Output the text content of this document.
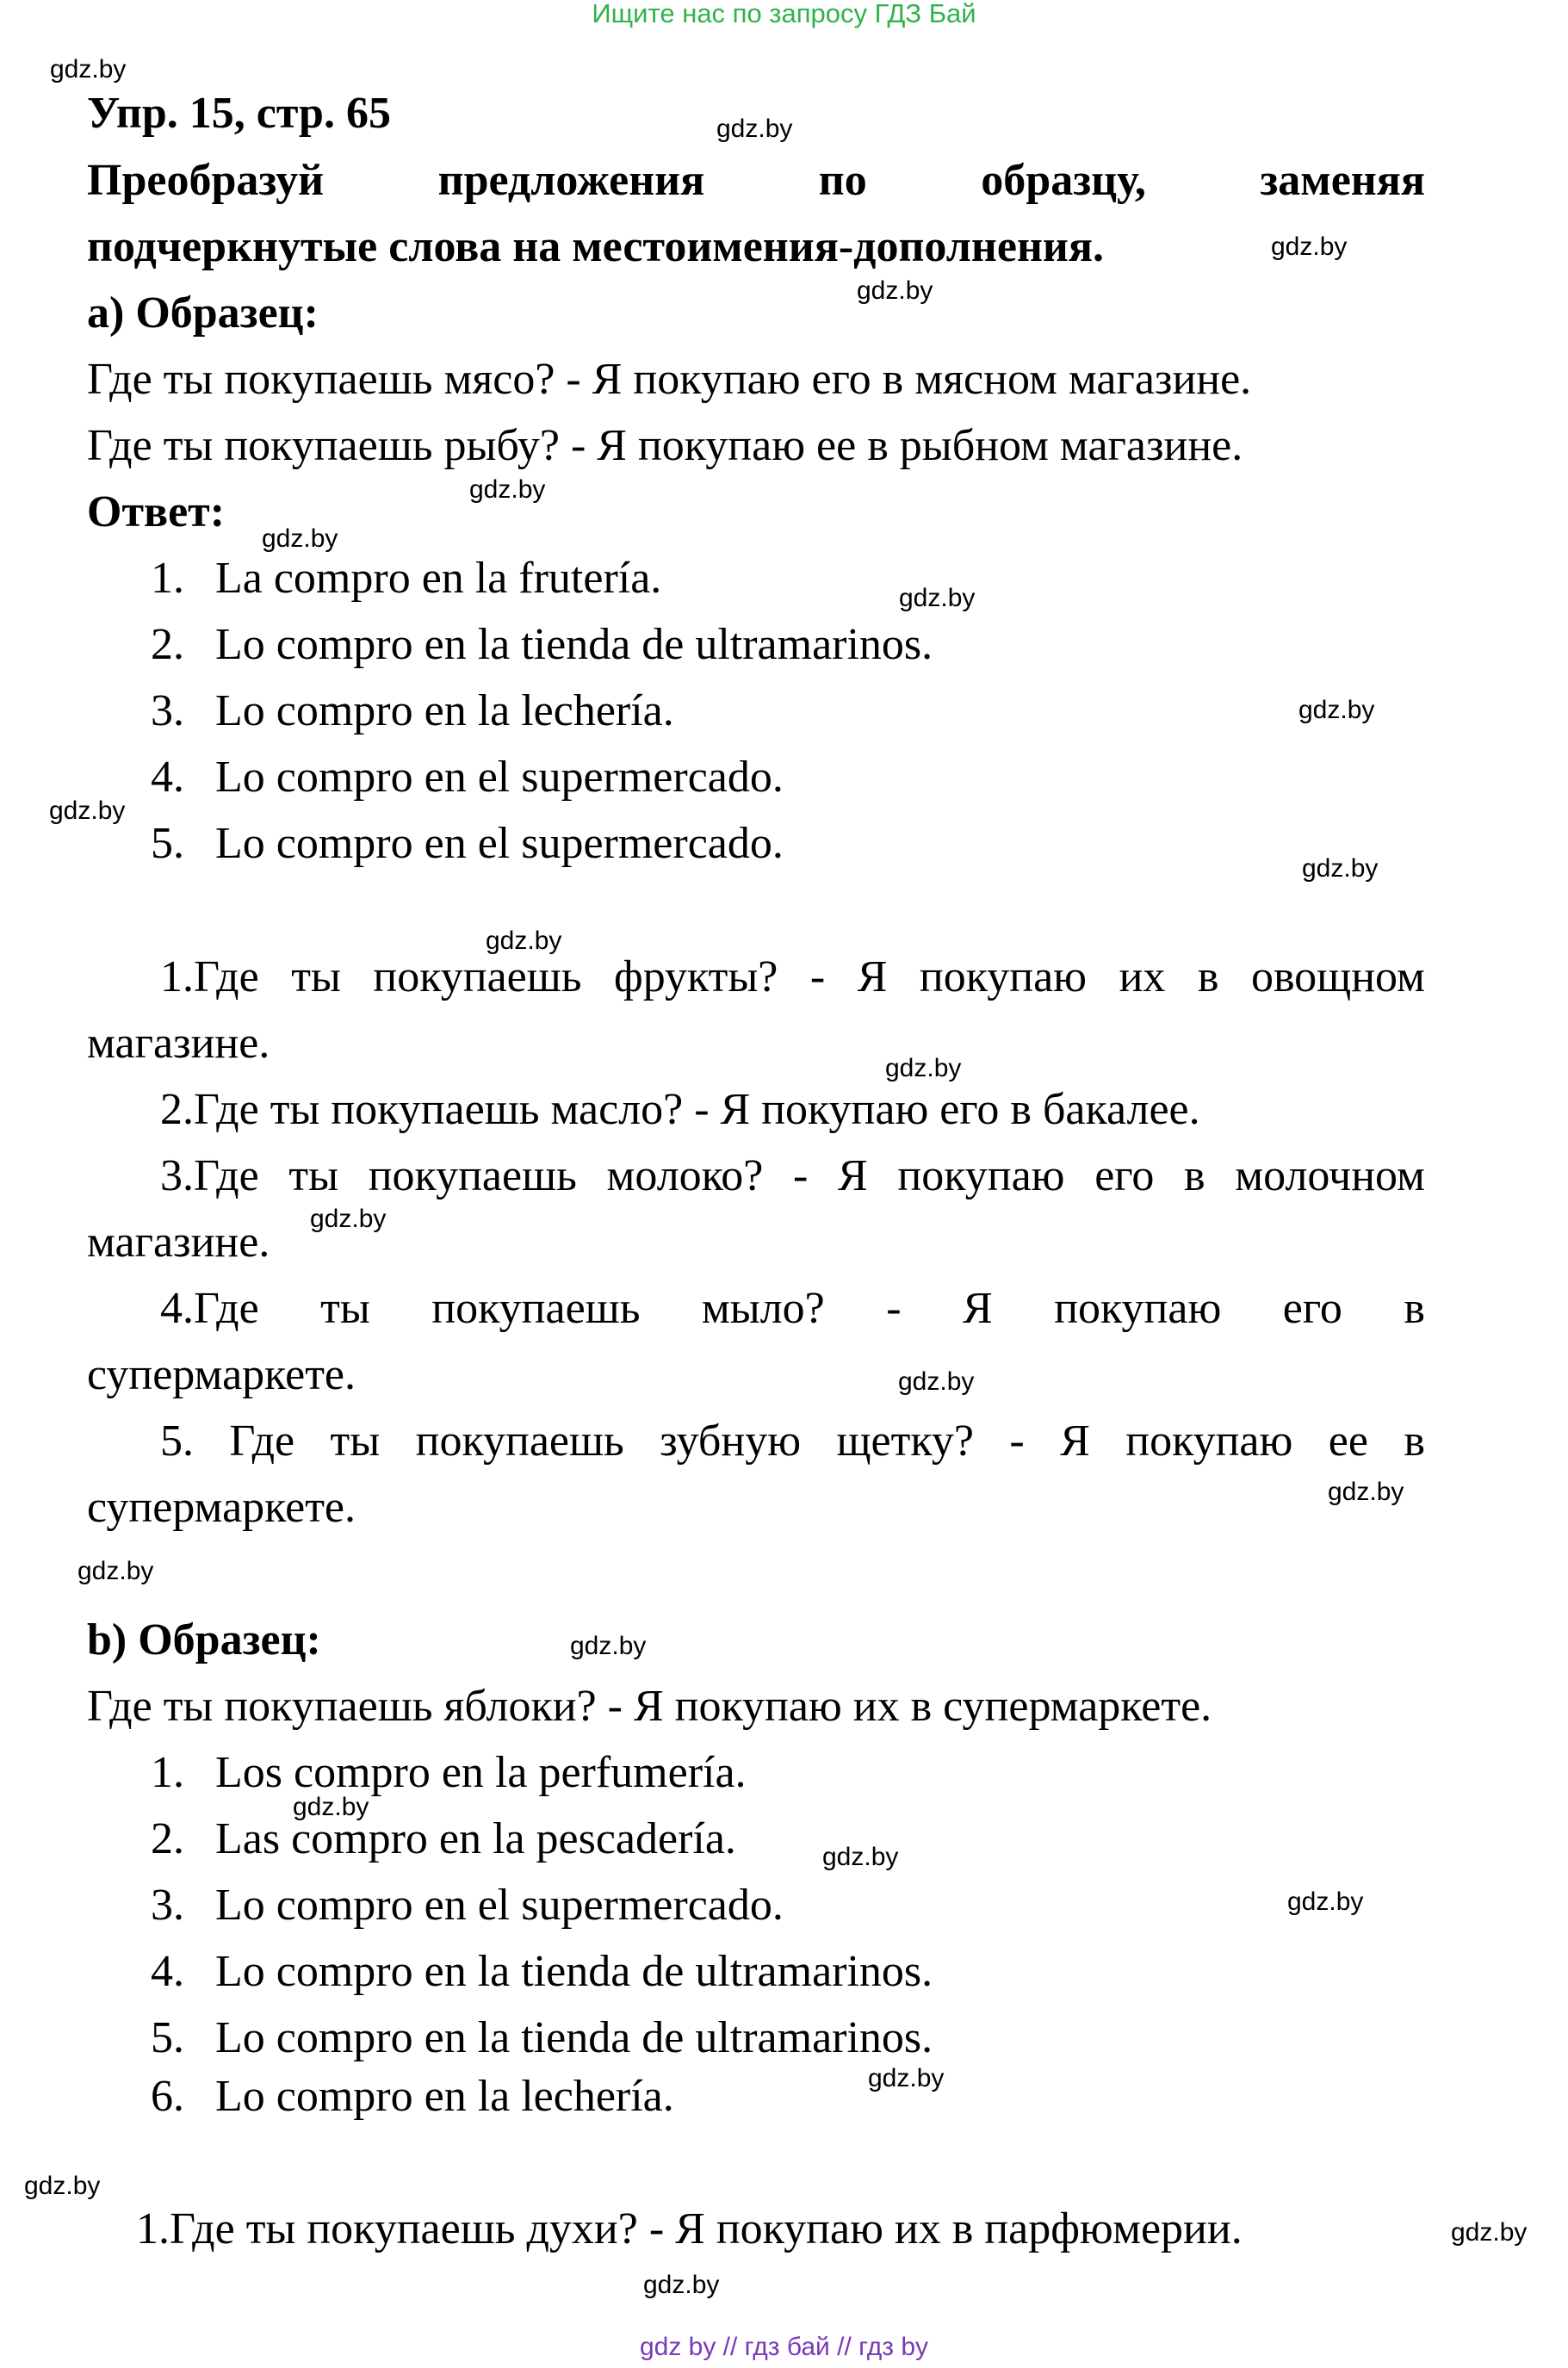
Ищите нас по запросу ГДЗ Бай
Упр. 15, стр. 65
Преобразуй	предложения	по	образцу,	заменяя
подчеркнутые слова на местоимения-дополнения.
а) Образец:
Где ты покупаешь мясо? - Я покупаю его в мясном магазине.
Где ты покупаешь рыбу? - Я покупаю ее в рыбном магазине.
Ответ:
1. La compro en la frutería.
2. Lo compro en la tienda de ultramarinos.
3. Lo compro en la lechería.
4. Lo compro en el supermercado.
5. Lo compro en el supermercado.
1.Где ты покупаешь фрукты? - Я покупаю их в овощном
магазине.
2.Где ты покупаешь масло? - Я покупаю его в бакалее.
3.Где ты покупаешь молоко? - Я покупаю его в молочном
магазине.
4.Где ты покупаешь мыло? - Я покупаю его в
супермаркете.
5. Где ты покупаешь зубную щетку? - Я покупаю ее в
супермаркете.
b) Образец:
Где ты покупаешь яблоки? - Я покупаю их в супермаркете.
1. Los compro en la perfumería.
2. Las compro en la pescadería.
3. Lo compro en el supermercado.
4. Lo compro en la tienda de ultramarinos.
5. Lo compro en la tienda de ultramarinos.
6. Lo compro en la lechería.
1.Где ты покупаешь духи? - Я покупаю их в парфюмерии.
gdz.by
gdz.by
gdz.by
gdz.by
gdz.by
gdz.by
gdz.by
gdz.by
gdz.by
gdz.by
gdz.by
gdz.by
gdz.by
gdz.by
gdz.by
gdz.by
gdz.by
gdz.by
gdz.by
gdz.by
gdz.by
gdz.by
gdz.by
gdz.by
gdz by // гдз бай // гдз by
